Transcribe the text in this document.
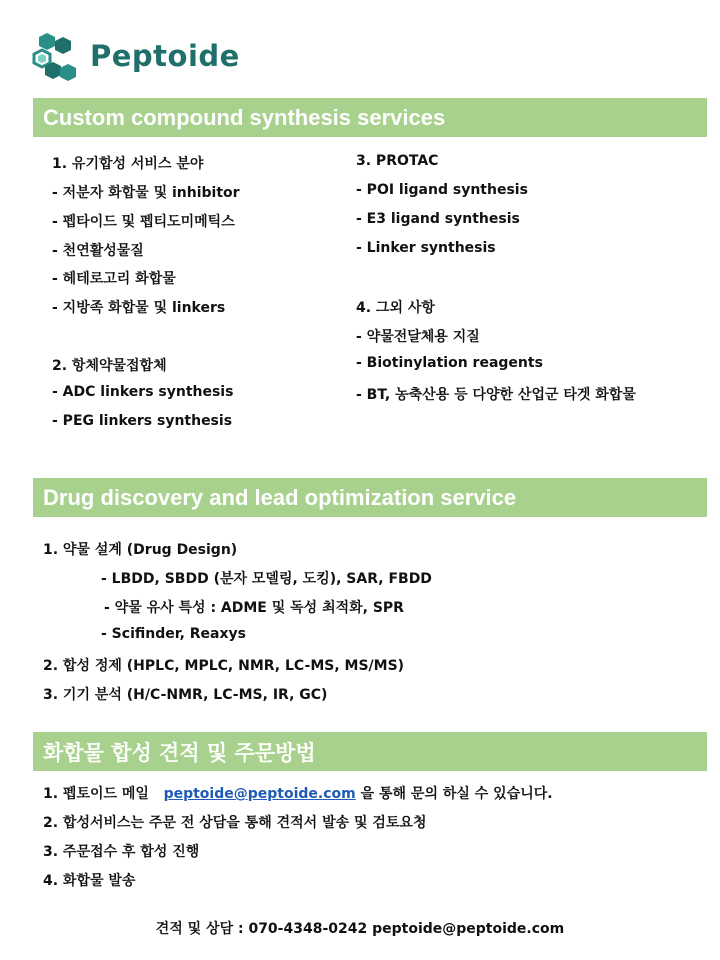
Peptoide
Custom compound synthesis services
1. 유기합성 서비스 분야
- 저분자 화합물 및 inhibitor
- 펩타이드 및 펩티도미메틱스
- 천연활성물질
- 헤테로고리 화합물
- 지방족 화합물 및 linkers
2. 항체약물접합체
- ADC linkers synthesis
- PEG linkers synthesis
3. PROTAC
- POI ligand synthesis
- E3 ligand synthesis
- Linker synthesis
4. 그외 사항
- 약물전달체용 지질
- Biotinylation reagents
- BT, 농축산용 등 다양한 산업군 타겟 화합물
Drug discovery and lead optimization service
1. 약물 설계 (Drug Design)
- LBDD, SBDD (분자 모델링, 도킹), SAR, FBDD
- 약물 유사 특성 : ADME 및 독성 최적화, SPR
- Scifinder, Reaxys
2. 합성 정제 (HPLC, MPLC, NMR, LC-MS, MS/MS)
3. 기기 분석 (H/C-NMR, LC-MS, IR, GC)
화합물 합성 견적 및 주문방법
1. 펩토이드 메일 peptoide@peptoide.com 을 통해 문의 하실 수 있습니다.
2. 합성서비스는 주문 전 상담을 통해 견적서 발송 및 검토요청
3. 주문접수 후 합성 진행
4. 화합물 발송
견적 및 상담 : 070-4348-0242 peptoide@peptoide.com
